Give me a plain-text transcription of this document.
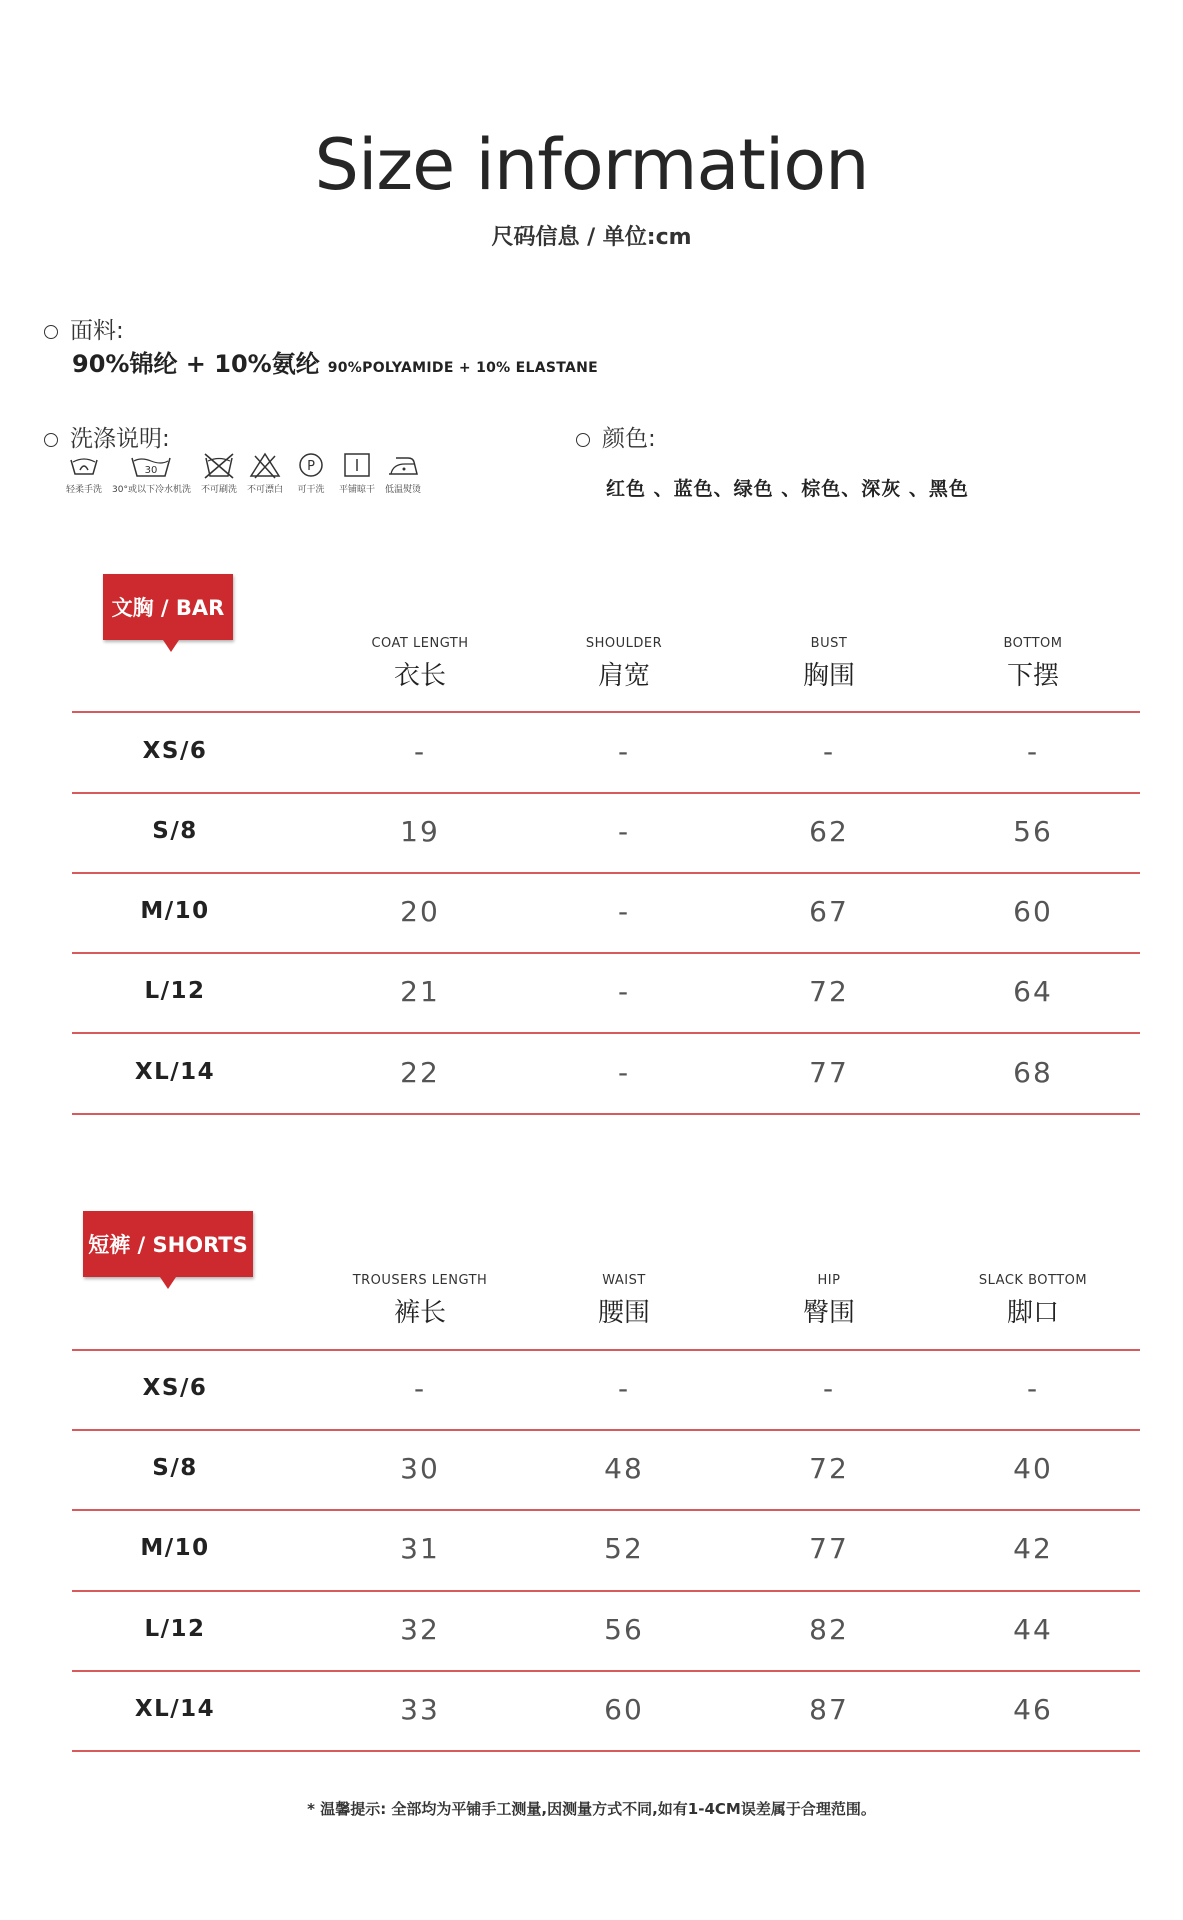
Size information
尺码信息 / 单位:cm
面料:
90%锦纶 + 10%氨纶 90%POLYAMIDE + 10% ELASTANE
洗涤说明:
轻柔手洗
30
30°或以下冷水机洗 不可刷洗 不可漂白
P
可干洗 平铺晾干 低温熨烫
颜色:
红色 、蓝色、绿色 、棕色、深灰 、黑色
文胸 / BAR
COAT LENGTH
衣长
SHOULDER
肩宽
BUST
胸围
BOTTOM
下摆
XS/6	-	-	-	-
S/8	19	-	62	56
M/10	20	-	67	60
L/12	21	-	72	64
XL/14	22	-	77	68
短裤 / SHORTS
TROUSERS LENGTH
裤长
WAIST
腰围
HIP
臀围
SLACK BOTTOM
脚口
XS/6	-	-	-	-
S/8	30	48	72	40
M/10	31	52	77	42
L/12	32	56	82	44
XL/14	33	60	87	46
* 温馨提示: 全部均为平铺手工测量,因测量方式不同,如有1-4CM误差属于合理范围。
